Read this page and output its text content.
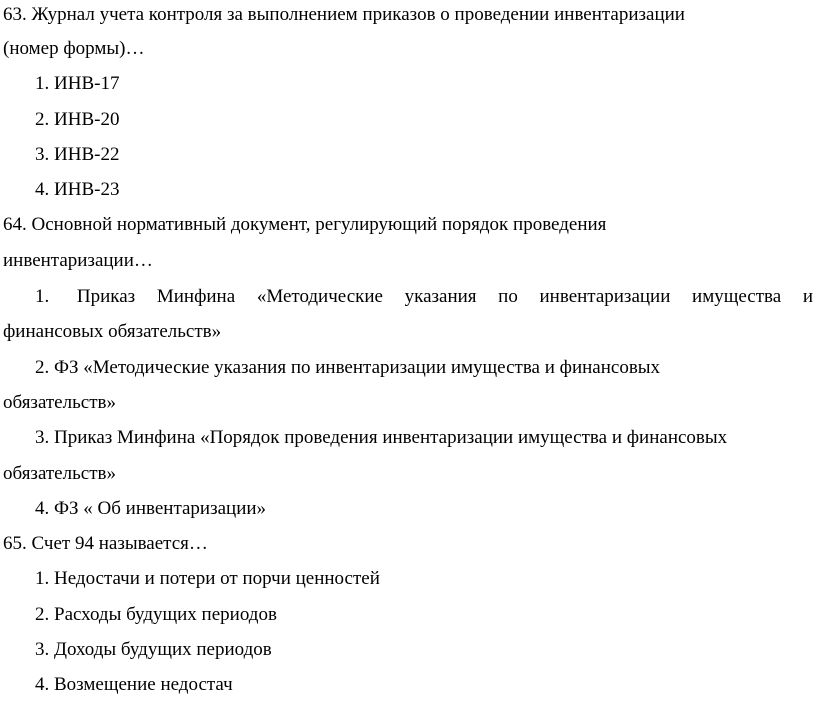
63. Журнал учета контроля за выполнением приказов о проведении инвентаризации
(номер формы)…
1. ИНВ-17
2. ИНВ-20
3. ИНВ-22
4. ИНВ-23
64. Основной нормативный документ, регулирующий порядок проведения
инвентаризации…
1. Приказ Минфина «Методические указания по инвентаризации имущества и
финансовых обязательств»
2. ФЗ «Методические указания по инвентаризации имущества и финансовых
обязательств»
3. Приказ Минфина «Порядок проведения инвентаризации имущества и финансовых
обязательств»
4. ФЗ « Об инвентаризации»
65. Счет 94 называется…
1. Недостачи и потери от порчи ценностей
2. Расходы будущих периодов
3. Доходы будущих периодов
4. Возмещение недостач
